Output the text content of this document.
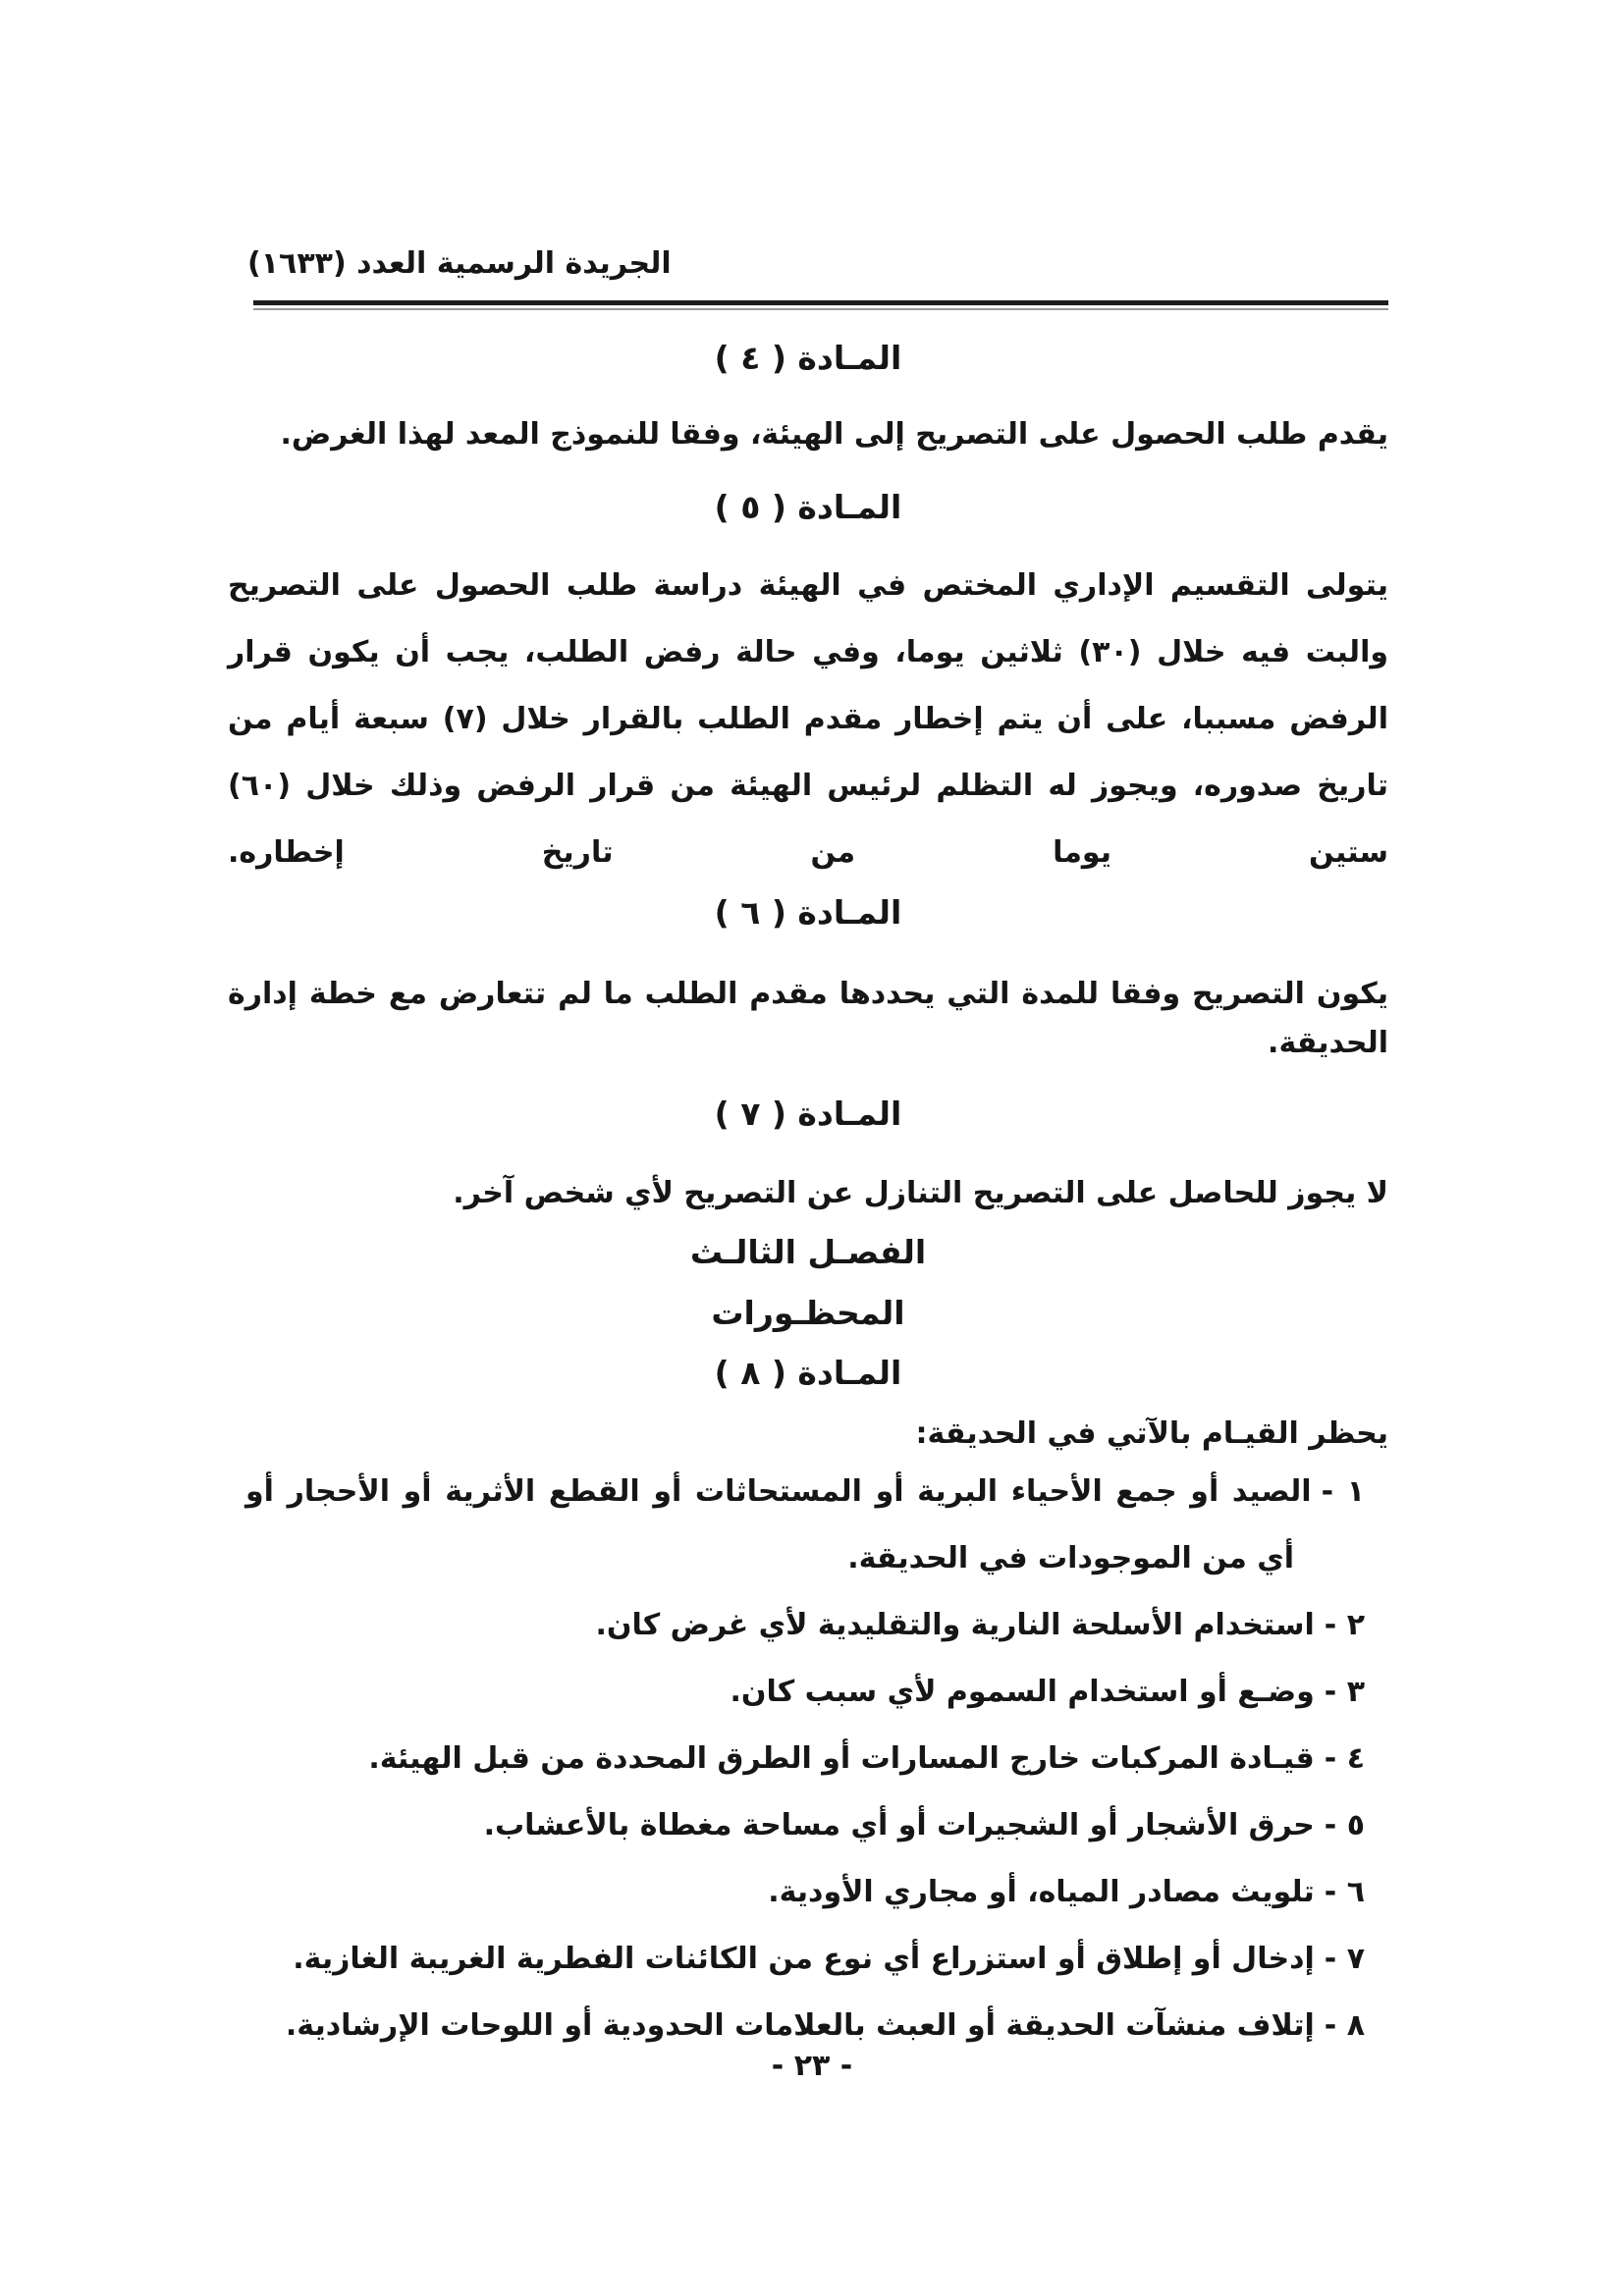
الجريدة الرسمية العدد (١٦٣٣)
المـادة ( ٤ )

يقدم طلب الحصول على التصريح إلى الهيئة، وفقا للنموذج المعد لهذا الغرض.

المـادة ( ٥ )

يتولى التقسيم الإداري المختص في الهيئة دراسة طلب الحصول على التصريح والبت فيه خلال (٣٠) ثلاثين يوما، وفي حالة رفض الطلب، يجب أن يكون قرار الرفض مسببا، على أن يتم إخطار مقدم الطلب بالقرار خلال (٧) سبعة أيام من تاريخ صدوره، ويجوز له التظلم لرئيس الهيئة من قرار الرفض وذلك خلال (٦٠) ستين يوما من تاريخ إخطاره.

المـادة ( ٦ )

يكون التصريح وفقا للمدة التي يحددها مقدم الطلب ما لم تتعارض مع خطة إدارة الحديقة.

المـادة ( ٧ )

لا يجوز للحاصل على التصريح التنازل عن التصريح لأي شخص آخر.

الفصـل الثالـث
المحظـورات
المـادة ( ٨ )

يحظر القيـام بالآتي في الحديقة:

١ -الصيد أو جمع الأحياء البرية أو المستحاثات أو القطع الأثرية أو الأحجار أو أي من الموجودات في الحديقة.
٢ -استخدام الأسلحة النارية والتقليدية لأي غرض كان.
٣ -وضـع أو استخدام السموم لأي سبب كان.
٤ -قيـادة المركبات خارج المسارات أو الطرق المحددة من قبل الهيئة.
٥ -حرق الأشجار أو الشجيرات أو أي مساحة مغطاة بالأعشاب.
٦ -تلويث مصادر المياه، أو مجاري الأودية.
٧ -إدخال أو إطلاق أو استزراع أي نوع من الكائنات الفطرية الغريبة الغازية.
٨ -إتلاف منشآت الحديقة أو العبث بالعلامات الحدودية أو اللوحات الإرشادية.
- ٢٣ -
